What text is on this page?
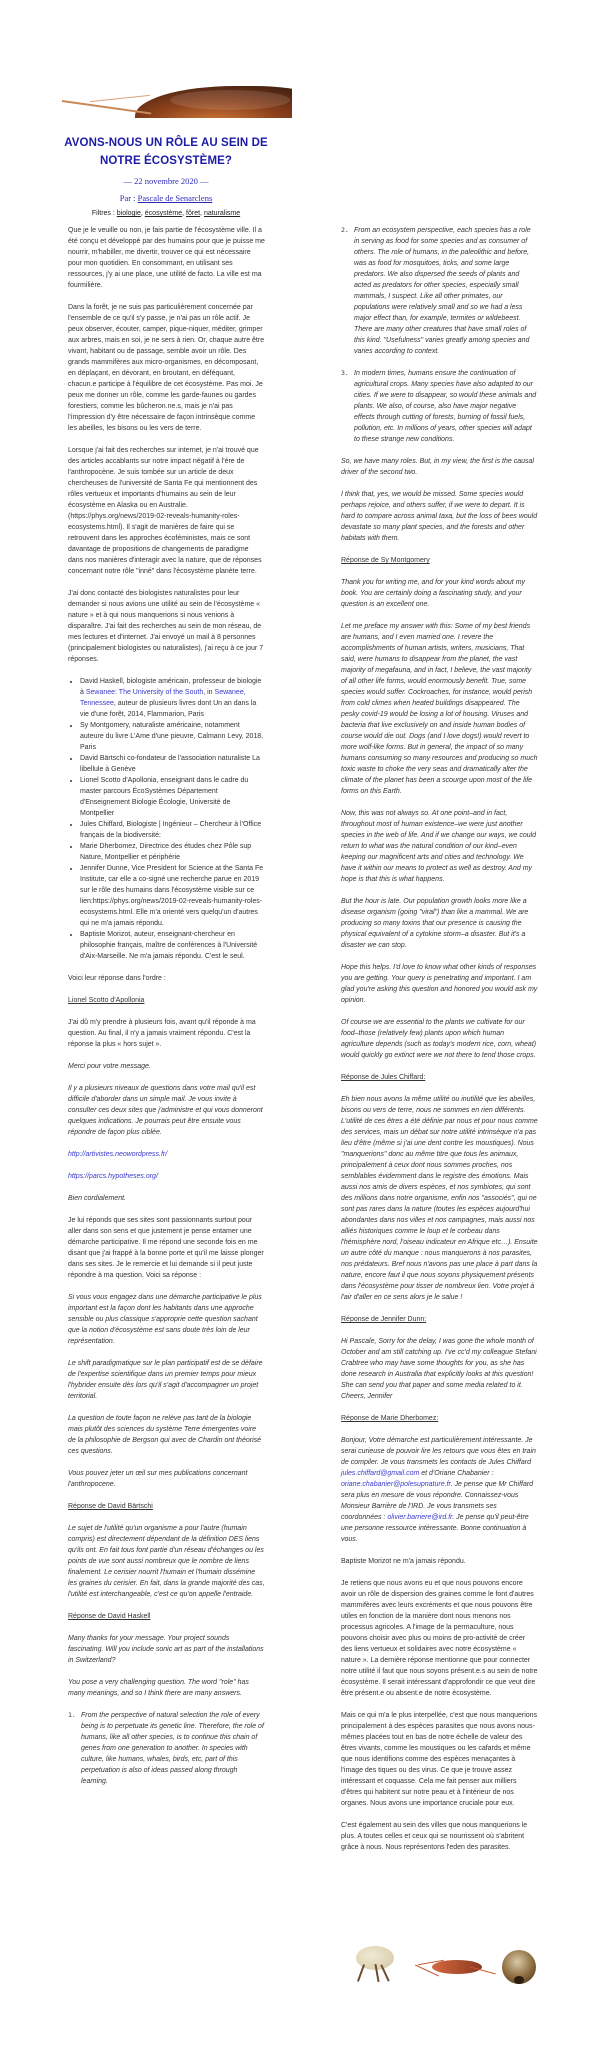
AVONS-NOUS UN RÔLE AU SEIN DE NOTRE ÉCOSYSTÈME?
— 22 novembre 2020 —
Par : Pascale de Senarclens
Filtres : biologie, écosystème, fôret, naturalisme

Que je le veuille ou non, je fais partie de l'écosystème ville. Il a été conçu et développé par des humains pour que je puisse me nourrir, m'habiller, me divertir, trouver ce qui est nécessaire pour mon quotidien. En consommant, en utilisant ses ressources, j'y ai une place, une utilité de facto. La ville est ma fourmilière.

Dans la forêt, je ne suis pas particulièrement concernée par l'ensemble de ce qu'il s'y passe, je n'ai pas un rôle actif. Je peux observer, écouter, camper, pique-niquer, méditer, grimper aux arbres, mais en soi, je ne sers à rien. Or, chaque autre être vivant, habitant ou de passage, semble avoir un rôle. Des grands mammifères aux micro-organismes, en décomposant, en déplaçant, en dévorant, en broutant, en déféquant, chacun.e participe à l'équilibre de cet écosystème. Pas moi. Je peux me donner un rôle, comme les garde-faunes ou gardes forestiers, comme les bûcheron.ne.s, mais je n'ai pas l'impression d'y être nécessaire de façon intrinsèque comme les abeilles, les bisons ou les vers de terre.

Lorsque j'ai fait des recherches sur internet, je n'ai trouvé que des articles accablants sur notre impact négatif à l'ère de l'anthropocène. Je suis tombée sur un article de deux chercheuses de l'université de Santa Fe qui mentionnent des rôles vertueux et importants d'humains au sein de leur écosystème en Alaska ou en Australie. (https://phys.org/news/2019-02-reveals-humanity-roles-ecosystems.html). Il s'agit de manières de faire qui se retrouvent dans les approches écoféministes, mais ce sont davantage de propositions de changements de paradigme dans nos manières d'interagir avec la nature, que de réponses concernant notre rôle "inné" dans l'écosystème planète terre.

J'ai donc contacté des biologistes naturalistes pour leur demander si nous avions une utilité au sein de l'écosystème « nature » et à qui nous manquerions si nous venions à disparaître. J'ai fait des recherches au sein de mon réseau, de mes lectures et d'internet. J'ai envoyé un mail à 8 personnes (principalement biologistes ou naturalistes), j'ai reçu à ce jour 7 réponses.

• David Haskell, biologiste américain, professeur de biologie à Sewanee: The University of the South, in Sewanee, Tennessee, auteur de plusieurs livres dont Un an dans la vie d'une forêt, 2014, Flammarion, Paris
• Sy Montgomery, naturaliste américaine, notamment auteure du livre L'Ame d'une pieuvre, Calmann Levy, 2018, Paris
• David Bärtschi co-fondateur de l'association naturaliste La libellule à Genève
• Lionel Scotto d'Apollonia, enseignant dans le cadre du master parcours ÉcoSystèmes Département d'Enseignement Biologie Écologie, Université de Montpellier
• Jules Chiffard, Biologiste | Ingénieur – Chercheur à l'Office français de la biodiversité:
• Marie Dherbomez, Directrice des études chez Pôle sup Nature, Montpellier et périphérie
• Jennifer Dunne, Vice President for Science at the Santa Fe Institute, car elle a co-signé une recherche parue en 2019 sur le rôle des humains dans l'écosystème visible sur ce lien:https://phys.org/news/2019-02-reveals-humanity-roles-ecosystems.html. Elle m'a orienté vers quelqu'un d'autres qui ne m'a jamais répondu.
• Baptiste Morizot, auteur, enseignant-chercheur en philosophie français, maître de conférences à l'Université d'Aix-Marseille. Ne m'a jamais répondu. C'est le seul.

Voici leur réponse dans l'ordre :

Lionel Scotto d'Apollonia

J'ai dû m'y prendre à plusieurs fois, avant qu'il réponde à ma question. Au final, il n'y a jamais vraiment répondu. C'est la réponse la plus « hors sujet ».

Merci pour votre message.

Il y a plusieurs niveaux de questions dans votre mail qu'il est difficile d'aborder dans un simple mail. Je vous invite à consulter ces deux sites que j'administre et qui vous donneront quelques indications. Je pourrais peut être ensuite vous répondre de façon plus ciblée.

http://artivistes.neowordpress.fr/

https://parcs.hypotheses.org/

Bien cordialement.

Je lui réponds que ses sites sont passionnants surtout pour aller dans son sens et que justement je pense entamer une démarche participative. Il me répond une seconde fois en me disant que j'ai frappé à la bonne porte et qu'il me laisse plonger dans ses sites. Je le remercie et lui demande si il peut juste répondre à ma question. Voici sa réponse :

Si vous vous engagez dans une démarche participative le plus important est la façon dont les habitants dans une approche sensible ou plus classique s'approprie cette question sachant que la notion d'écosystème est sans doute très loin de leur représentation.

Le shift paradigmatique sur le plan participatif est de se défaire de l'expertise scientifique dans un premier temps pour mieux l'hybrider ensuite dès lors qu'il s'agit d'accompagner un projet territorial.

La question de toute façon ne relève pas tant de la biologie mais plutôt des sciences du système Terre émergentes voire de la philosophie de Bergson qui avec de Chardin ont théorisé ces questions.

Vous pouvez jeter un œil sur mes publications concernant l'anthropocene.

Réponse de David Bärtschi

Le sujet de l'utilité qu'un organisme a pour l'autre (humain compris) est directement dépendant de la définition DES liens qu'ils ont. En fait tous font partie d'un réseau d'échanges ou les points de vue sont aussi nombreux que le nombre de liens finalement. Le cerisier nourrit l'humain et l'humain dissémine les graines du cerisier. En fait, dans la grande majorité des cas, l'utilité est interchangeable, c'est ce qu'on appelle l'entraide.

Réponse de David Haskell

Many thanks for your message. Your project sounds fascinating. Will you include sonic art as part of the installations in Switzerland?

You pose a very challenging question. The word "role" has many meanings, and so I think there are many answers.

1. From the perspective of natural selection the role of every being is to perpetuate its genetic line. Therefore, the role of humans, like all other species, is to continue this chain of genes from one generation to another. In species with culture, like humans, whales, birds, etc, part of this perpetuation is also of ideas passed along through learning.
2. From an ecosystem perspective, each species has a role in serving as food for some species and as consumer of others. The role of humans, in the paleolithic and before, was as food for mosquitoes, ticks, and some large predators. We also dispersed the seeds of plants and acted as predators for other species, especially small mammals, I suspect. Like all other primates, our populations were relatively small and so we had a less major effect than, for example, termites or wildebeest. There are many other creatures that have small roles of this kind. "Usefulness" varies greatly among species and varies according to context.
3. In modern times, humans ensure the continuation of agricultural crops. Many species have also adapted to our cities. If we were to disappear, so would these animals and plants. We also, of course, also have major negative effects through cutting of forests, burning of fossil fuels, pollution, etc. In millions of years, other species will adapt to these strange new conditions.

So, we have many roles. But, in my view, the first is the causal driver of the second two.

I think that, yes, we would be missed. Some species would perhaps rejoice, and others suffer, if we were to depart. It is hard to compare across animal taxa, but the loss of bees would devastate so many plant species, and the forests and other habitats with them.

Réponse de Sy Montgomery

Thank you for writing me, and for your kind words about my book. You are certainly doing a fascinating study, and your question is an excellent one.

Let me preface my answer with this: Some of my best friends are humans, and I even married one. I revere the accomplishments of human artists, writers, musicians, That said, were humans to disappear from the planet, the vast majority of megafauna, and in fact, I believe, the vast majority of all other life forms, would enormously benefit. True, some species would suffer. Cockroaches, for instance, would perish from cold climes when heated buildings disappeared. The pesky covid-19 would be losing a lot of housing. Viruses and bacteria that live exclusively on and inside human bodies of course would die out. Dogs (and I love dogs!) would revert to more wolf-like forms. But in general, the impact of so many humans consuming so many resources and producing so much toxic waste to choke the very seas and dramatically alter the climate of the planet has been a scourge upon most of the life forms on this Earth.

Now, this was not always so. At one point–and in fact, throughout most of human existence–we were just another species in the web of life. And if we change our ways, we could return to what was the natural condition of our kind–even keeping our magnificent arts and cities and technology. We have it within our means to protect as well as destroy. And my hope is that this is what happens.

But the hour is late. Our population growth looks more like a disease organism (going "viral") than like a mammal. We are producing so many toxins that our presence is causing the physical equivalent of a cytokine storm–a disaster. But it's a disaster we can stop.

Hope this helps. I'd love to know what other kinds of responses you are getting. Your query is penetrating and important. I am glad you're asking this question and honored you would ask my opinion.

Of course we are essential to the plants we cultivate for our food–those (relatively few) plants upon which human agriculture depends (such as today's modern rice, corn, wheat) would quickly go extinct were we not there to tend those crops.

Réponse de Jules Chiffard:

Eh bien nous avons la même utilité ou inutilité que les abeilles, bisons ou vers de terre, nous ne sommes en rien différents. L'utilité de ces êtres a été définie par nous et pour nous comme des services, mais un débat sur notre utilité intrinsèque n'a pas lieu d'être (même si j'ai une dent contre les moustiques). Nous "manquerions" donc au même titre que tous les animaux, principalement à ceux dont nous sommes proches, nos semblables évidemment dans le registre des émotions. Mais aussi nos amis de divers espèces, et nos symbiotes, qui sont des millions dans notre organisme, enfin nos "associés", qui ne sont pas rares dans la nature (toutes les espèces aujourd'hui abondantes dans nos villes et nos campagnes, mais aussi nos alliés historiques comme le loup et le corbeau dans l'hémisphère nord, l'oiseau indicateur en Afrique etc…). Ensuite un autre côté du manque : nous manquerons à nos parasites, nos prédateurs. Bref nous n'avons pas une place à part dans la nature, encore faut il que nous soyons physiquement présents dans l'écosystème pour tisser de nombreux lien. Votre projet à l'air d'aller en ce sens alors je le salue !

Réponse de Jennifer Dunn:

Hi Pascale, Sorry for the delay, I was gone the whole month of October and am still catching up. I've cc'd my colleague Stefani Crabtree who may have some thoughts for you, as she has done research in Australia that explicitly looks at this question! She can send you that paper and some media related to it. Cheers, Jennifer

Réponse de Marie Dherbomez:

Bonjour, Votre démarche est particulièrement intéressante. Je serai curieuse de pouvoir lire les retours que vous êtes en train de compiler. Je vous transmets les contacts de Jules Chiffard jules.chiffard@gmail.com et d'Oriane Chabanier : oriane.chabanier@polesupnature.fr. Je pense que Mr Chiffard sera plus en mesure de vous répondre. Connaissez-vous Monsieur Barrière de l'IRD. Je vous transmets ses coordonnées : olivier.barriere@ird.fr. Je pense qu'il peut-être une personne ressource intéressante. Bonne continuation à vous.

Baptiste Morizot ne m'a jamais répondu.

Je retiens que nous avons eu et que nous pouvons encore avoir un rôle de dispersion des graines comme le font d'autres mammifères avec leurs excréments et que nous pouvons être utiles en fonction de la manière dont nous menons nos processus agricoles. A l'image de la permaculture, nous pouvons choisir avec plus ou moins de pro-activité de créer des liens vertueux et solidaires avec notre écosystème « nature ». La dernière réponse mentionne que pour connecter notre utilité il faut que nous soyons présent.e.s au sein de notre écosystème. Il serait intéressant d'approfondir ce que veut dire être présent.e ou absent.e de notre écosystème.

Mais ce qui m'a le plus interpellée, c'est que nous manquerions principalement à des espèces parasites que nous avons nous-mêmes placées tout en bas de notre échelle de valeur des êtres vivants, comme les moustiques ou les cafards et même que nous identifions comme des espèces menaçantes à l'image des tiques ou des virus. Ce que je trouve assez intéressant et coquasse. Cela me fait penser aux milliers d'êtres qui habitent sur notre peau et à l'intérieur de nos organes. Nous avons une importance cruciale pour eux.

C'est également au sein des villes que nous manquerions le plus. A toutes celles et ceux qui se nourrissent où s'abritent grâce à nous. Nous représentons l'eden des parasites.
